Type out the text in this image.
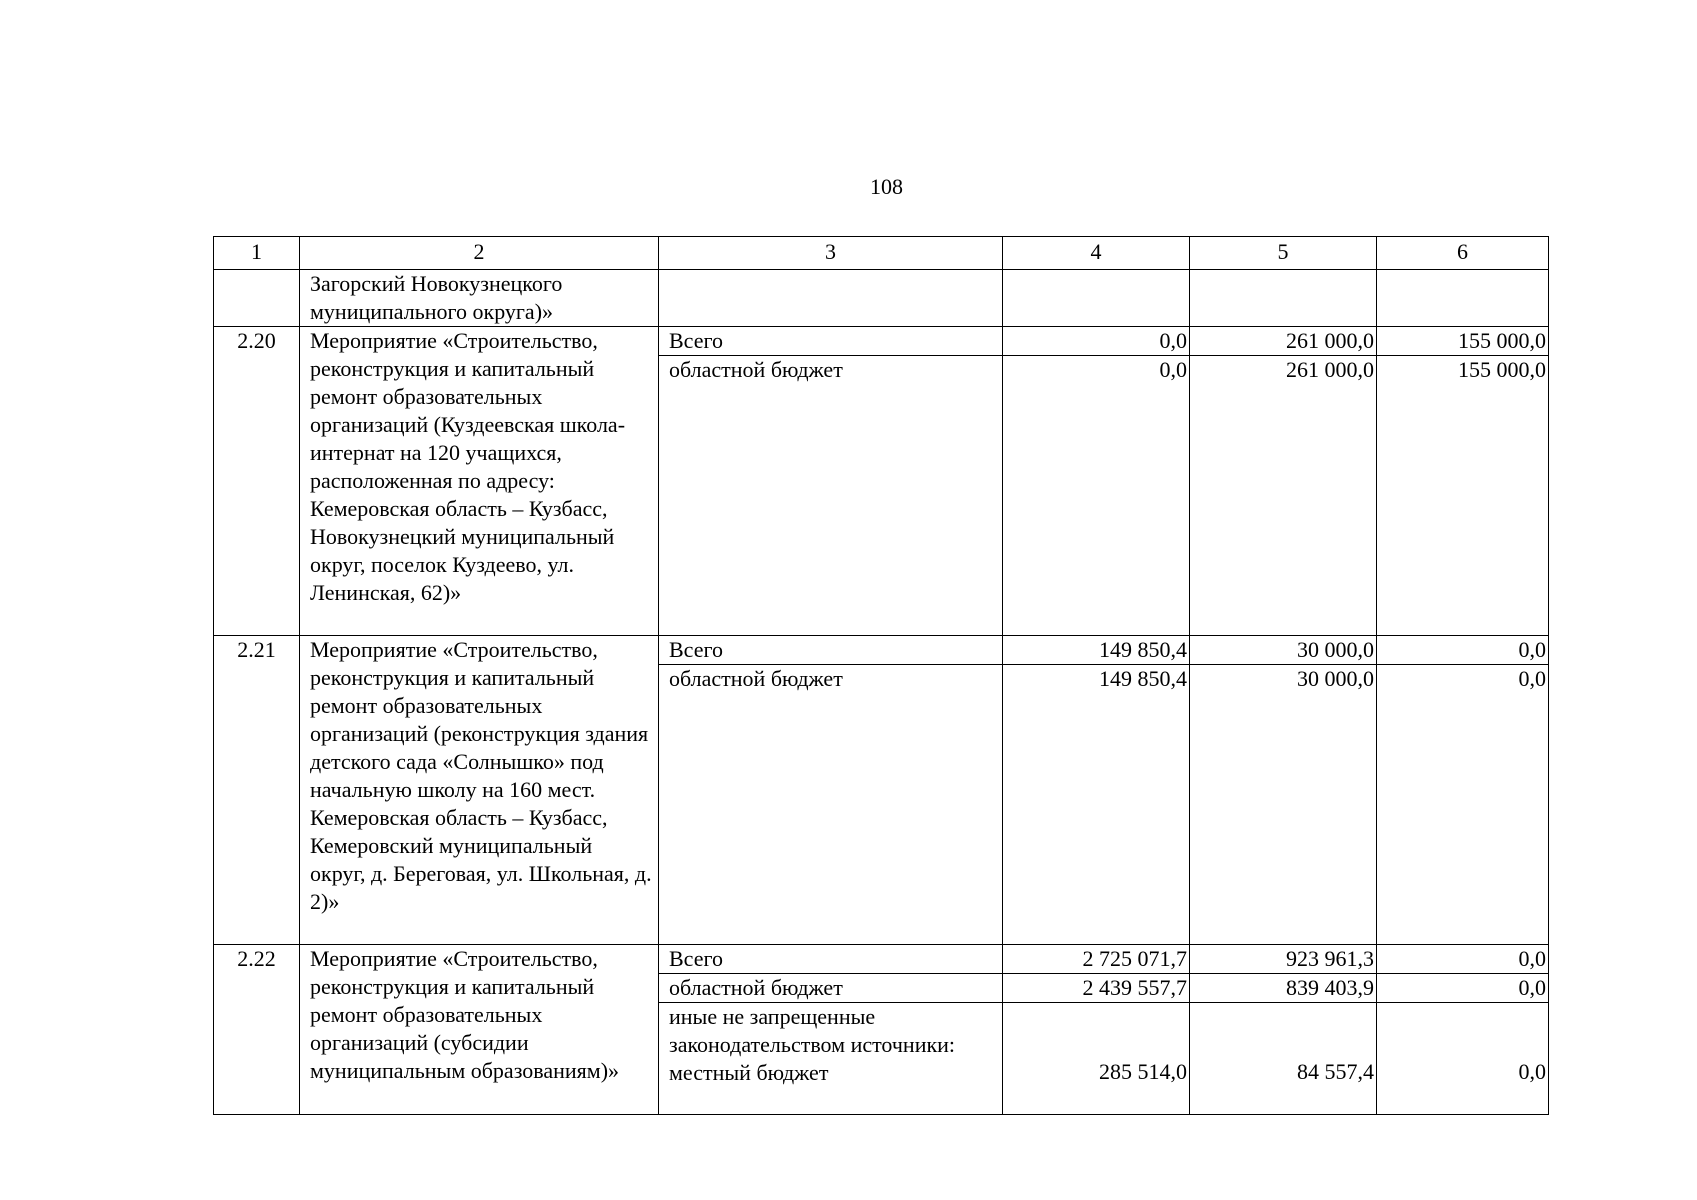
108
1	2	3	4	5	6
	Загорский Новокузнецкого муниципального округа)»				
2.20	Мероприятие «Строительство, реконструкция и капитальный ремонт образовательных организаций (Куздеевская школа-интернат на 120 учащихся, расположенная по адресу: Кемеровская область – Кузбасс, Новокузнецкий муниципальный округ, поселок Куздеево, ул. Ленинская, 62)»	Всего	0,0	261 000,0	155 000,0
		областной бюджет	0,0	261 000,0	155 000,0
2.21	Мероприятие «Строительство, реконструкция и капитальный ремонт образовательных организаций (реконструкция здания детского сада «Солнышко» под начальную школу на 160 мест. Кемеровская область – Кузбасс, Кемеровский муниципальный округ, д. Береговая, ул. Школьная, д. 2)»	Всего	149 850,4	30 000,0	0,0
		областной бюджет	149 850,4	30 000,0	0,0
2.22	Мероприятие «Строительство, реконструкция и капитальный ремонт образовательных организаций (субсидии муниципальным образованиям)»	Всего	2 725 071,7	923 961,3	0,0
		областной бюджет	2 439 557,7	839 403,9	0,0
		иные не запрещенные законодательством источники: местный бюджет	285 514,0	84 557,4	0,0
